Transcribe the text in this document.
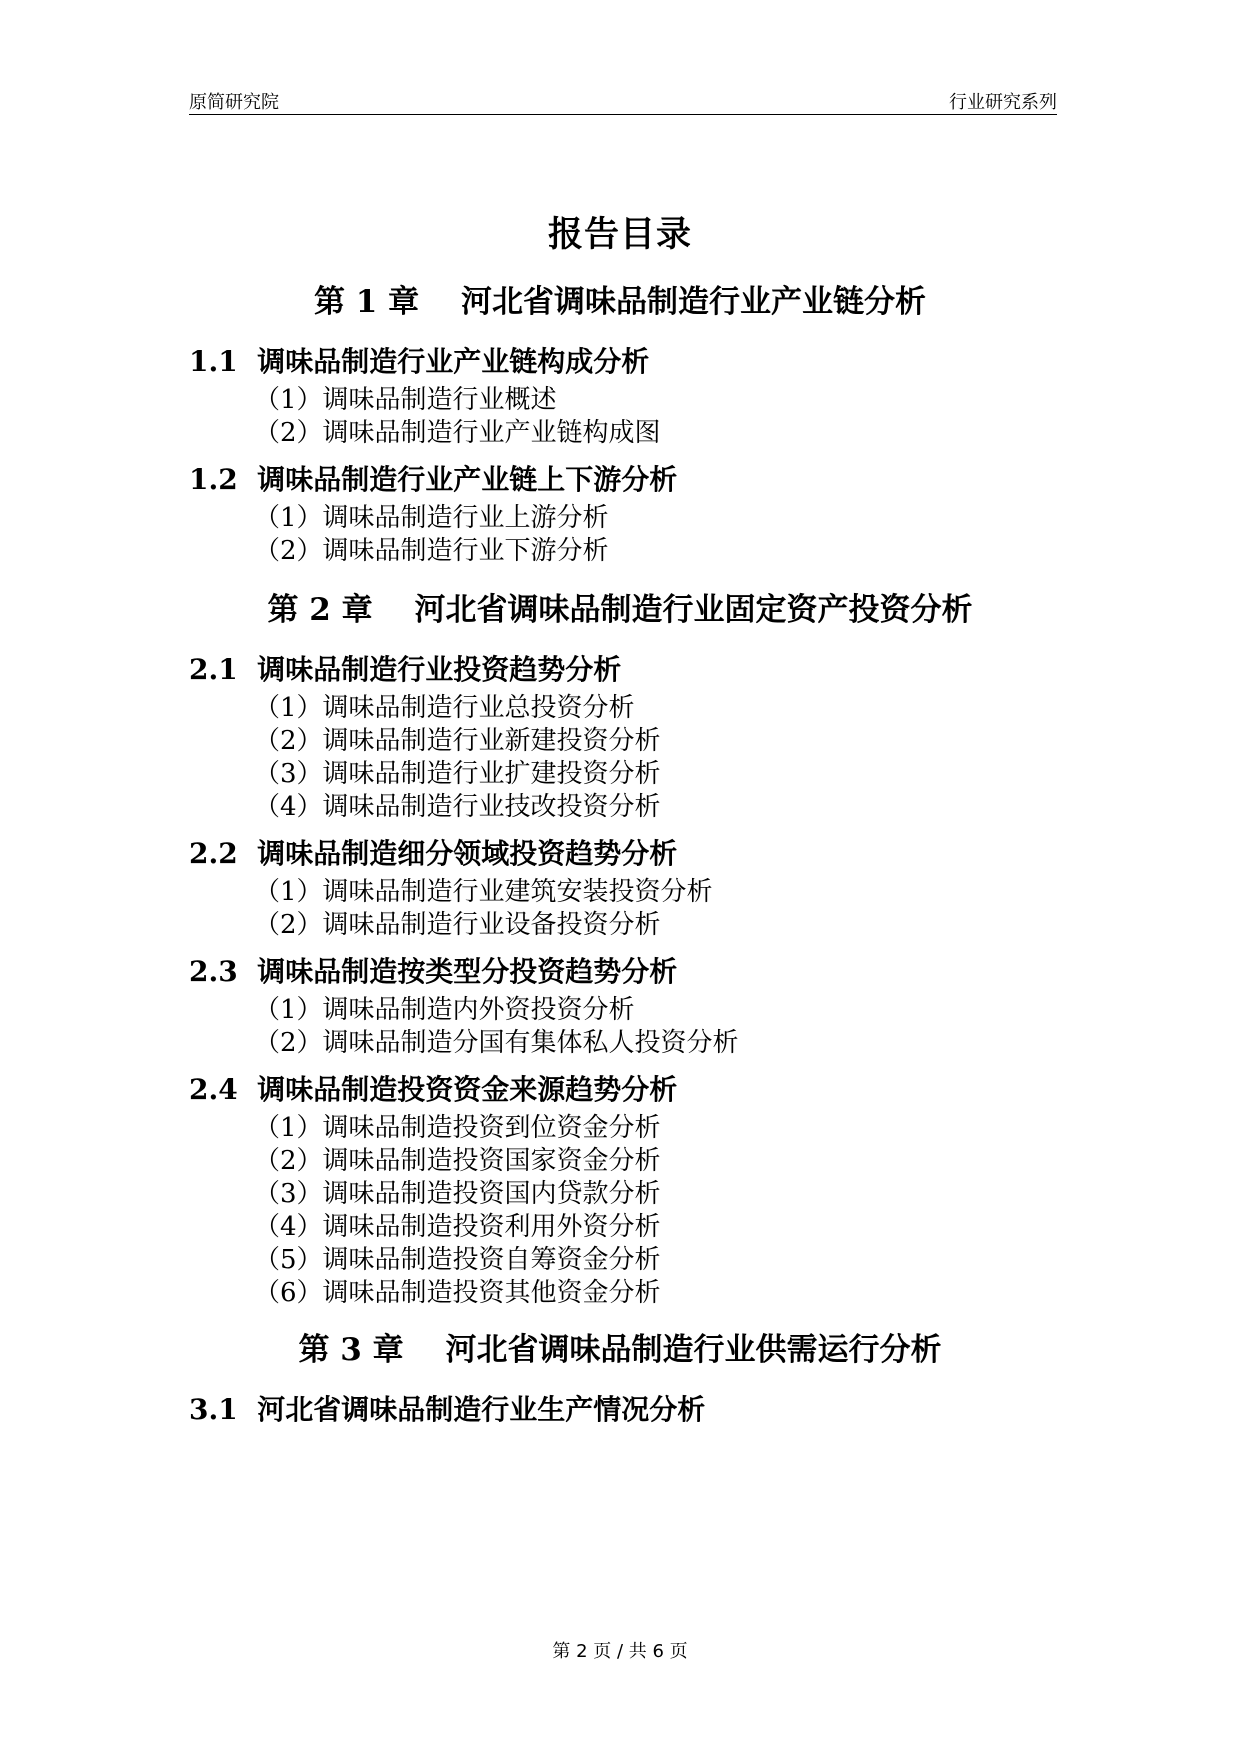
原简研究院	行业研究系列
报告目录
第 1 章　 河北省调味品制造行业产业链分析
1.1  调味品制造行业产业链构成分析
（1）调味品制造行业概述
（2）调味品制造行业产业链构成图
1.2  调味品制造行业产业链上下游分析
（1）调味品制造行业上游分析
（2）调味品制造行业下游分析
第 2 章　 河北省调味品制造行业固定资产投资分析
2.1  调味品制造行业投资趋势分析
（1）调味品制造行业总投资分析
（2）调味品制造行业新建投资分析
（3）调味品制造行业扩建投资分析
（4）调味品制造行业技改投资分析
2.2  调味品制造细分领域投资趋势分析
（1）调味品制造行业建筑安装投资分析
（2）调味品制造行业设备投资分析
2.3  调味品制造按类型分投资趋势分析
（1）调味品制造内外资投资分析
（2）调味品制造分国有集体私人投资分析
2.4  调味品制造投资资金来源趋势分析
（1）调味品制造投资到位资金分析
（2）调味品制造投资国家资金分析
（3）调味品制造投资国内贷款分析
（4）调味品制造投资利用外资分析
（5）调味品制造投资自筹资金分析
（6）调味品制造投资其他资金分析
第 3 章　 河北省调味品制造行业供需运行分析
3.1  河北省调味品制造行业生产情况分析
第 2 页 / 共 6 页
